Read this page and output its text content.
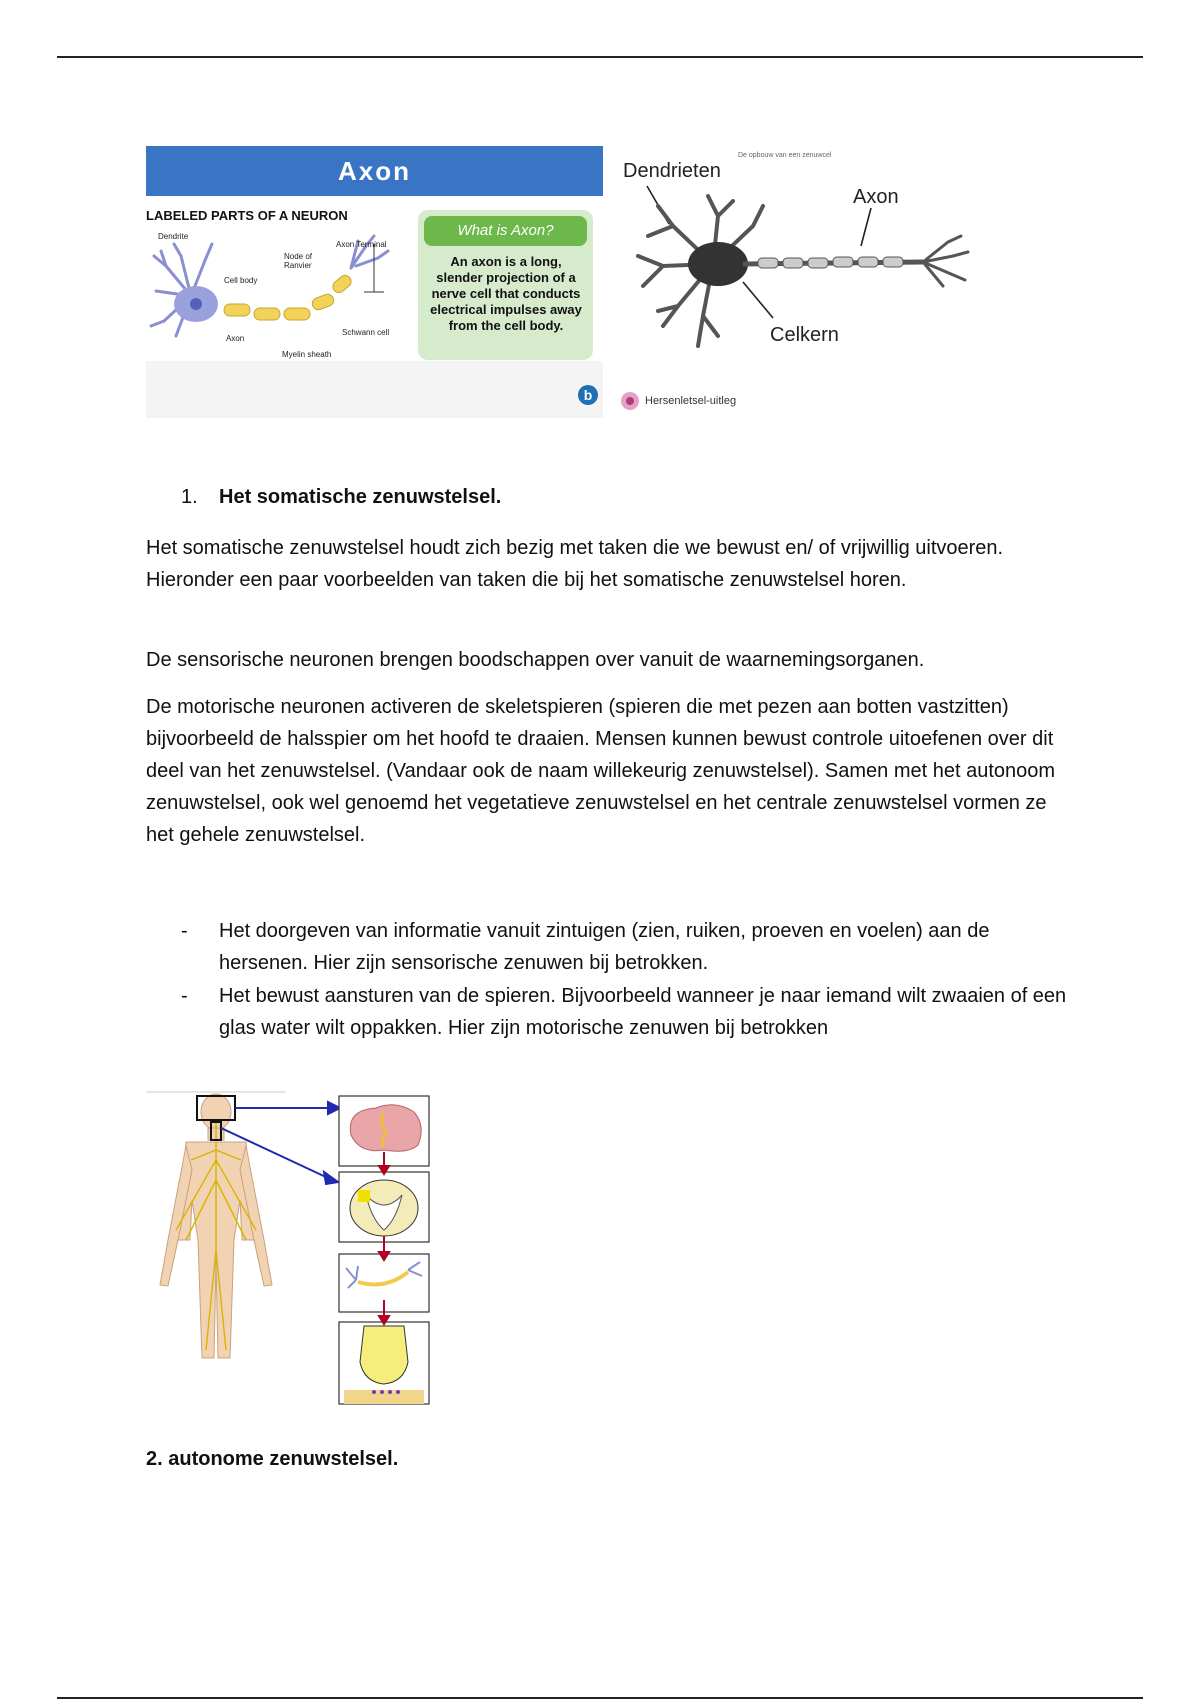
Axon
LABELED PARTS OF A NEURON
Dendrite
Node of Ranvier
Axon Terminal
Cell body
Axon
Schwann cell
Myelin sheath
What is Axon?
An axon is a long, slender projection of a nerve cell that conducts electrical impulses away from the cell body.
b
De opbouw van een zenuwcel
Dendrieten
Axon
Celkern
Hersenletsel-uitleg
1. Het somatische zenuwstelsel.

Het somatische zenuwstelsel houdt zich bezig met taken die we bewust en/ of vrijwillig uitvoeren. Hieronder een paar voorbeelden van taken die bij het somatische zenuwstelsel horen.

De sensorische neuronen brengen boodschappen over vanuit de waarnemingsorganen.

De motorische neuronen activeren de skeletspieren (spieren die met pezen aan botten vastzitten) bijvoorbeeld de halsspier om het hoofd te draaien. Mensen kunnen bewust controle uitoefenen over dit deel van het zenuwstelsel. (Vandaar ook de naam willekeurig zenuwstelsel). Samen met het autonoom zenuwstelsel, ook wel genoemd het vegetatieve zenuwstelsel en het centrale zenuwstelsel vormen ze het gehele zenuwstelsel.

- Het doorgeven van informatie vanuit zintuigen (zien, ruiken, proeven en voelen) aan de hersenen. Hier zijn sensorische zenuwen bij betrokken.
- Het bewust aansturen van de spieren. Bijvoorbeeld wanneer je naar iemand wilt zwaaien of een glas water wilt oppakken. Hier zijn motorische zenuwen bij betrokken
2. autonome zenuwstelsel.
